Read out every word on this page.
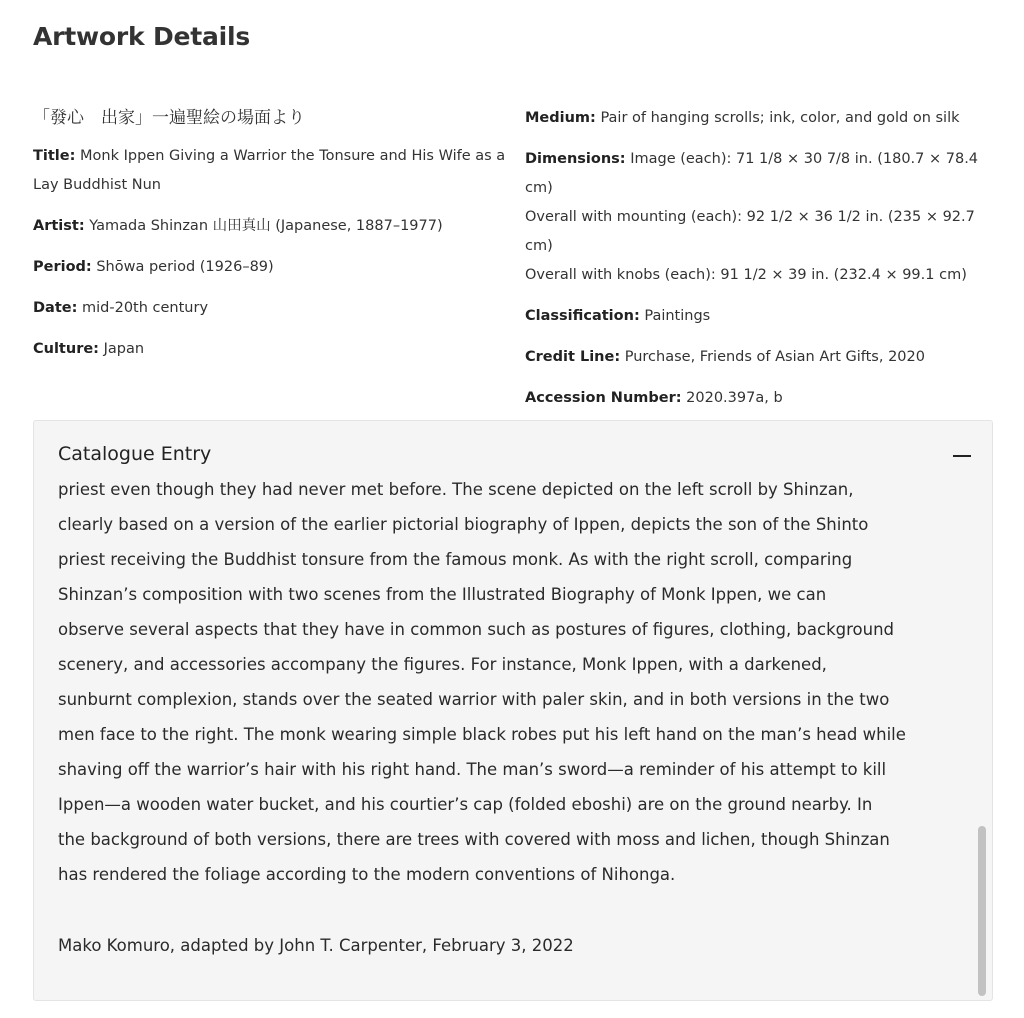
Artwork Details
「發心　出家」一遍聖絵の場面より
Title: Monk Ippen Giving a Warrior the Tonsure and His Wife as a
Lay Buddhist Nun
Artist: Yamada Shinzan 山田真山 (Japanese, 1887–1977)
Period: Shōwa period (1926–89)
Date: mid-20th century
Culture: Japan
Medium: Pair of hanging scrolls; ink, color, and gold on silk
Dimensions: Image (each): 71 1/8 × 30 7/8 in. (180.7 × 78.4 cm)
Overall with mounting (each): 92 1/2 × 36 1/2 in. (235 × 92.7 cm)
Overall with knobs (each): 91 1/2 × 39 in. (232.4 × 99.1 cm)
Classification: Paintings
Credit Line: Purchase, Friends of Asian Art Gifts, 2020
Accession Number: 2020.397a, b
Catalogue Entry
priest even though they had never met before. The scene depicted on the left scroll by Shinzan,
clearly based on a version of the earlier pictorial biography of Ippen, depicts the son of the Shinto
priest receiving the Buddhist tonsure from the famous monk. As with the right scroll, comparing
Shinzan’s composition with two scenes from the Illustrated Biography of Monk Ippen, we can
observe several aspects that they have in common such as postures of figures, clothing, background
scenery, and accessories accompany the figures. For instance, Monk Ippen, with a darkened,
sunburnt complexion, stands over the seated warrior with paler skin, and in both versions in the two
men face to the right. The monk wearing simple black robes put his left hand on the man’s head while
shaving off the warrior’s hair with his right hand. The man’s sword—a reminder of his attempt to kill
Ippen—a wooden water bucket, and his courtier’s cap (folded eboshi) are on the ground nearby. In
the background of both versions, there are trees with covered with moss and lichen, though Shinzan
has rendered the foliage according to the modern conventions of Nihonga.
Mako Komuro, adapted by John T. Carpenter, February 3, 2022
